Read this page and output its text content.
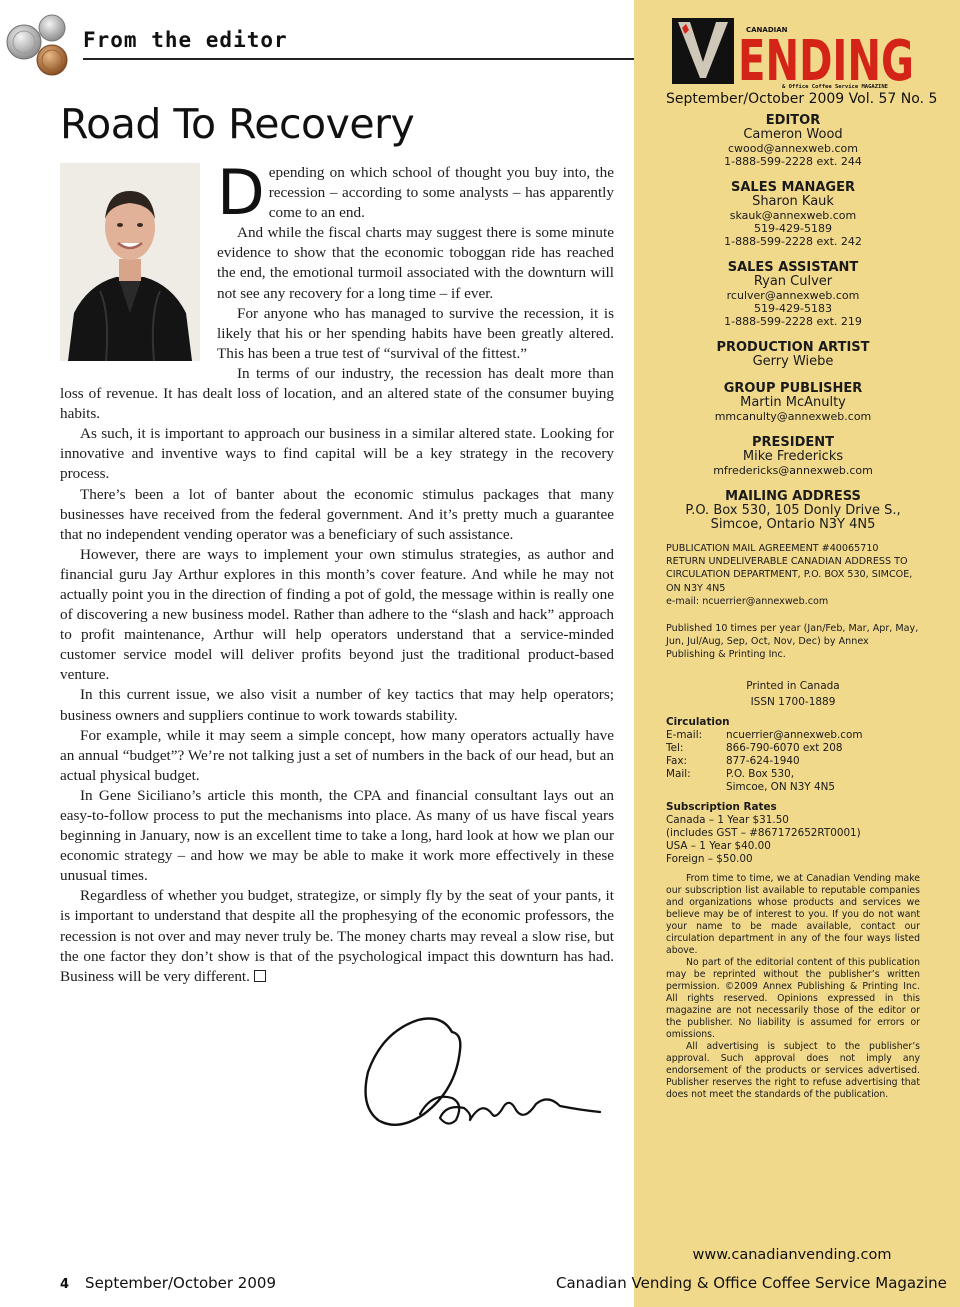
From the editor
Road To Recovery

Depending on which school of thought you buy into, the recession – according to some analysts – has apparently come to an end.

And while the fiscal charts may suggest there is some minute evidence to show that the economic toboggan ride has reached the end, the emotional turmoil associated with the downturn will not see any recovery for a long time – if ever.

For anyone who has managed to survive the recession, it is likely that his or her spending habits have been greatly altered. This has been a true test of “survival of the fittest.”

In terms of our industry, the recession has dealt more than loss of revenue. It has dealt loss of location, and an altered state of the consumer buying habits.

As such, it is important to approach our business in a similar altered state. Looking for innovative and inventive ways to find capital will be a key strategy in the recovery process.

There’s been a lot of banter about the economic stimulus packages that many businesses have received from the federal government. And it’s pretty much a guarantee that no independent vending operator was a beneficiary of such assistance.

However, there are ways to implement your own stimulus strategies, as author and financial guru Jay Arthur explores in this month’s cover feature. And while he may not actually point you in the direction of finding a pot of gold, the message within is really one of discovering a new business model. Rather than adhere to the “slash and hack” approach to profit maintenance, Arthur will help operators understand that a service-minded customer service model will deliver profits beyond just the traditional product-based venture.

In this current issue, we also visit a number of key tactics that may help operators; business owners and suppliers continue to work towards stability.

For example, while it may seem a simple concept, how many operators actually have an annual “budget”? We’re not talking just a set of numbers in the back of our head, but an actual physical budget.

In Gene Siciliano’s article this month, the CPA and financial consultant lays out an easy-to-follow process to put the mechanisms into place. As many of us have fiscal years beginning in January, now is an excellent time to take a long, hard look at how we plan our economic strategy – and how we may be able to make it work more effectively in these unusual times.

Regardless of whether you budget, strategize, or simply fly by the seat of your pants, it is important to understand that despite all the prophesying of the economic professors, the recession is not over and may never truly be. The money charts may reveal a slow rise, but the one factor they don’t show is that of the psychological impact this downturn has had. Business will be very different.

4 September/October 2009	Canadian Vending & Office Coffee Service Magazine
www.canadianvending.com
CANADIAN
ENDING
& Office Coffee Service MAGAZINE
September/October 2009 Vol. 57 No. 5
EDITOR
Cameron Wood
cwood@annexweb.com
1-888-599-2228 ext. 244
SALES MANAGER
Sharon Kauk
skauk@annexweb.com
519-429-5189
1-888-599-2228 ext. 242
SALES ASSISTANT
Ryan Culver
rculver@annexweb.com
519-429-5183
1-888-599-2228 ext. 219
PRODUCTION ARTIST
Gerry Wiebe
GROUP PUBLISHER
Martin McAnulty
mmcanulty@annexweb.com
PRESIDENT
Mike Fredericks
mfredericks@annexweb.com
MAILING ADDRESS
P.O. Box 530, 105 Donly Drive S.,
Simcoe, Ontario N3Y 4N5
PUBLICATION MAIL AGREEMENT #40065710
RETURN UNDELIVERABLE CANADIAN ADDRESS TO
CIRCULATION DEPARTMENT, P.O. BOX 530, SIMCOE,
ON N3Y 4N5
e-mail: ncuerrier@annexweb.com
Published 10 times per year (Jan/Feb, Mar, Apr, May, Jun, Jul/Aug, Sep, Oct, Nov, Dec) by Annex Publishing & Printing Inc.
Printed in Canada
ISSN 1700-1889
Circulation
E-mail:	ncuerrier@annexweb.com
Tel:	866-790-6070 ext 208
Fax:	877-624-1940
Mail:	P.O. Box 530,
Simcoe, ON N3Y 4N5
Subscription Rates
Canada – 1 Year $31.50
(includes GST – #867172652RT0001)
USA – 1 Year $40.00
Foreign – $50.00

From time to time, we at Canadian Vending make our subscription list available to reputable companies and organizations whose products and services we believe may be of interest to you. If you do not want your name to be made available, contact our circulation department in any of the four ways listed above.

No part of the editorial content of this publication may be reprinted without the publisher’s written permission. ©2009 Annex Publishing & Printing Inc. All rights reserved. Opinions expressed in this magazine are not necessarily those of the editor or the publisher. No liability is assumed for errors or omissions.

All advertising is subject to the publisher’s approval. Such approval does not imply any endorsement of the products or services advertised. Publisher reserves the right to refuse advertising that does not meet the standards of the publication.
